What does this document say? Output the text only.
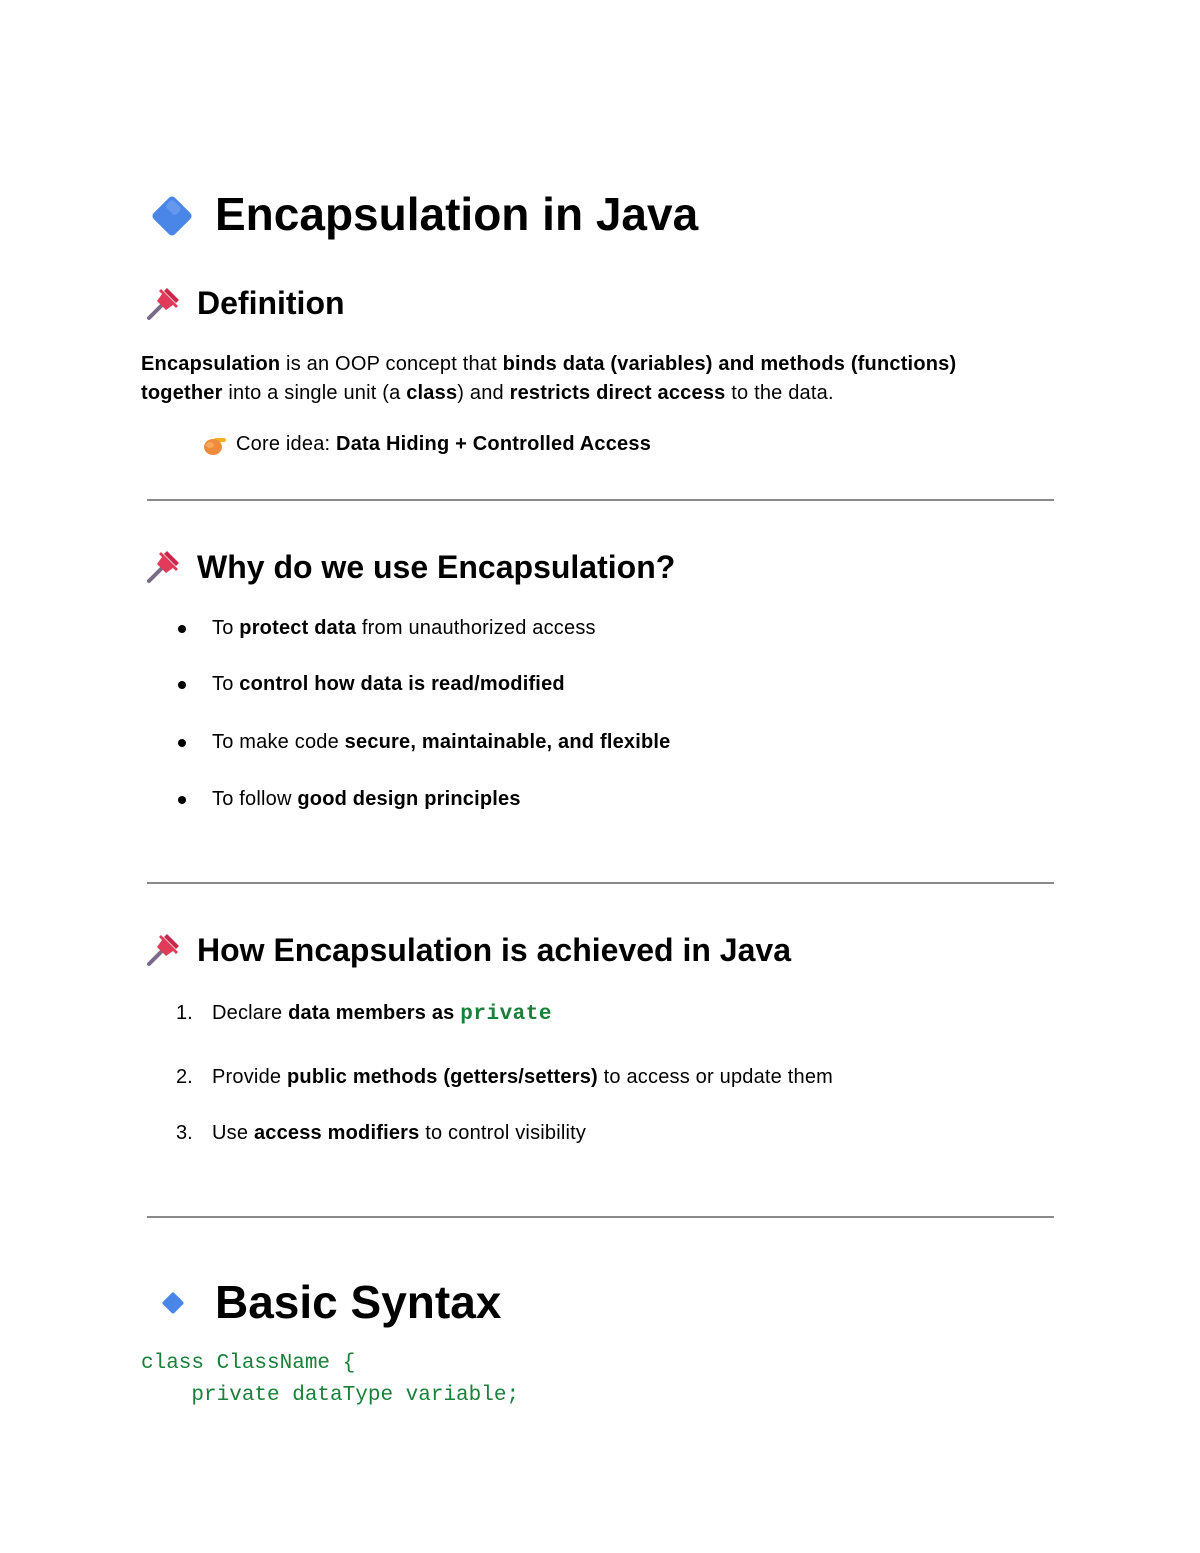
Encapsulation in Java
Definition
Encapsulation is an OOP concept that binds data (variables) and methods (functions)
together into a single unit (a class) and restricts direct access to the data.
Core idea: Data Hiding + Controlled Access
Why do we use Encapsulation?
To protect data from unauthorized access
To control how data is read/modified
To make code secure, maintainable, and flexible
To follow good design principles
How Encapsulation is achieved in Java
1. Declare data members as private
2. Provide public methods (getters/setters) to access or update them
3. Use access modifiers to control visibility
Basic Syntax
class ClassName {
private dataType variable;
